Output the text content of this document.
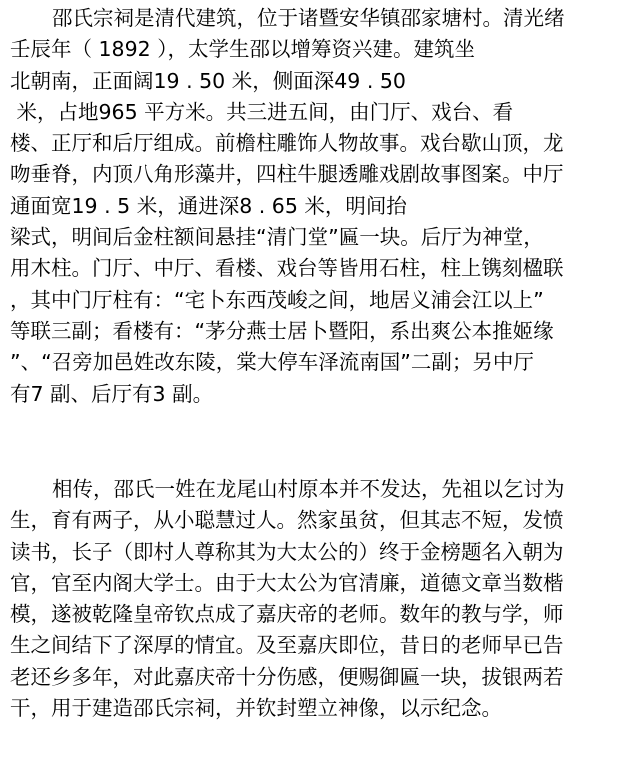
邵氏宗祠是清代建筑，位于诸暨安华镇邵家塘村。清光绪
壬辰年（ 1892 ），太学生邵以增筹资兴建。建筑坐
北朝南，正面阔19 . 50 米，侧面深49 . 50
米，占地965 平方米。共三进五间，由门厅、戏台、看
楼、正厅和后厅组成。前檐柱雕饰人物故事。戏台歇山顶，龙
吻垂脊，内顶八角形藻井，四柱牛腿透雕戏剧故事图案。中厅
通面宽19 . 5 米，通进深8 . 65 米，明间抬
梁式，明间后金柱额间悬挂“清门堂”匾一块。后厅为神堂，
用木柱。门厅、中厅、看楼、戏台等皆用石柱，柱上镌刻楹联
，其中门厅柱有：“宅卜东西茂峻之间，地居义浦会江以上”
等联三副；看楼有：“茅分燕士居卜暨阳，系出爽公本推姬缘
”、“召旁加邑姓改东陵，棠大停车泽流南国”二副；另中厅
有7 副、后厅有3 副。
相传，邵氏一姓在龙尾山村原本并不发达，先祖以乞讨为
生，育有两子，从小聪慧过人。然家虽贫，但其志不短，发愤
读书，长子（即村人尊称其为大太公的）终于金榜题名入朝为
官，官至内阁大学士。由于大太公为官清廉，道德文章当数楷
模，遂被乾隆皇帝钦点成了嘉庆帝的老师。数年的教与学，师
生之间结下了深厚的情宜。及至嘉庆即位，昔日的老师早已告
老还乡多年，对此嘉庆帝十分伤感，便赐御匾一块，拔银两若
干，用于建造邵氏宗祠，并钦封塑立神像，以示纪念。
